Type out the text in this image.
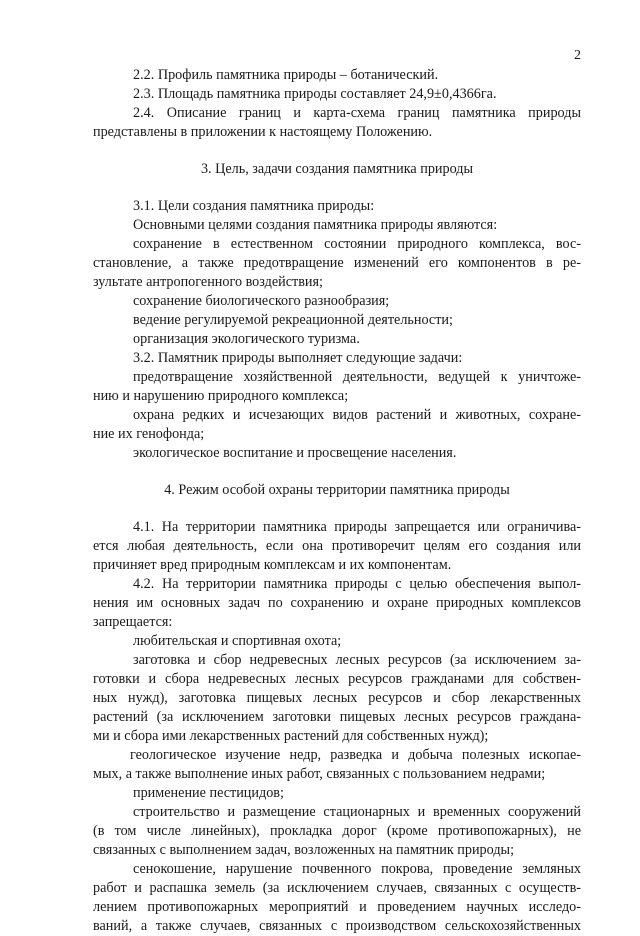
2

2.2. Профиль памятника природы – ботанический.

2.3. Площадь памятника природы составляет 24,9±0,4366га.

2.4. Описание границ и карта-схема границ памятника природы

представлены в приложении к настоящему Положению.

3. Цель, задачи создания памятника природы

3.1. Цели создания памятника природы:

Основными целями создания памятника природы являются:

сохранение в естественном состоянии природного комплекса, вос-

становление, а также предотвращение изменений его компонентов в ре-

зультате антропогенного воздействия;

сохранение биологического разнообразия;

ведение регулируемой рекреационной деятельности;

организация экологического туризма.

3.2. Памятник природы выполняет следующие задачи:

предотвращение хозяйственной деятельности, ведущей к уничтоже-

нию и нарушению природного комплекса;

охрана редких и исчезающих видов растений и животных, сохране-

ние их генофонда;

экологическое воспитание и просвещение населения.

4. Режим особой охраны территории памятника природы

4.1. На территории памятника природы запрещается или ограничива-

ется любая деятельность, если она противоречит целям его создания или

причиняет вред природным комплексам и их компонентам.

4.2. На территории памятника природы с целью обеспечения выпол-

нения им основных задач по сохранению и охране природных комплексов

запрещается:

любительская и спортивная охота;

заготовка и сбор недревесных лесных ресурсов (за исключением за-

готовки и сбора недревесных лесных ресурсов гражданами для собствен-

ных нужд), заготовка пищевых лесных ресурсов и сбор лекарственных

растений (за исключением заготовки пищевых лесных ресурсов граждана-

ми и сбора ими лекарственных растений для собственных нужд);

геологическое изучение недр, разведка и добыча полезных ископае-

мых, а также выполнение иных работ, связанных с пользованием недрами;

применение пестицидов;

строительство и размещение стационарных и временных сооружений

(в том числе линейных), прокладка дорог (кроме противопожарных), не

связанных с выполнением задач, возложенных на памятник природы;

сенокошение, нарушение почвенного покрова, проведение земляных

работ и распашка земель (за исключением случаев, связанных с осуществ-

лением противопожарных мероприятий и проведением научных исследо-

ваний, а также случаев, связанных с производством сельскохозяйственных
